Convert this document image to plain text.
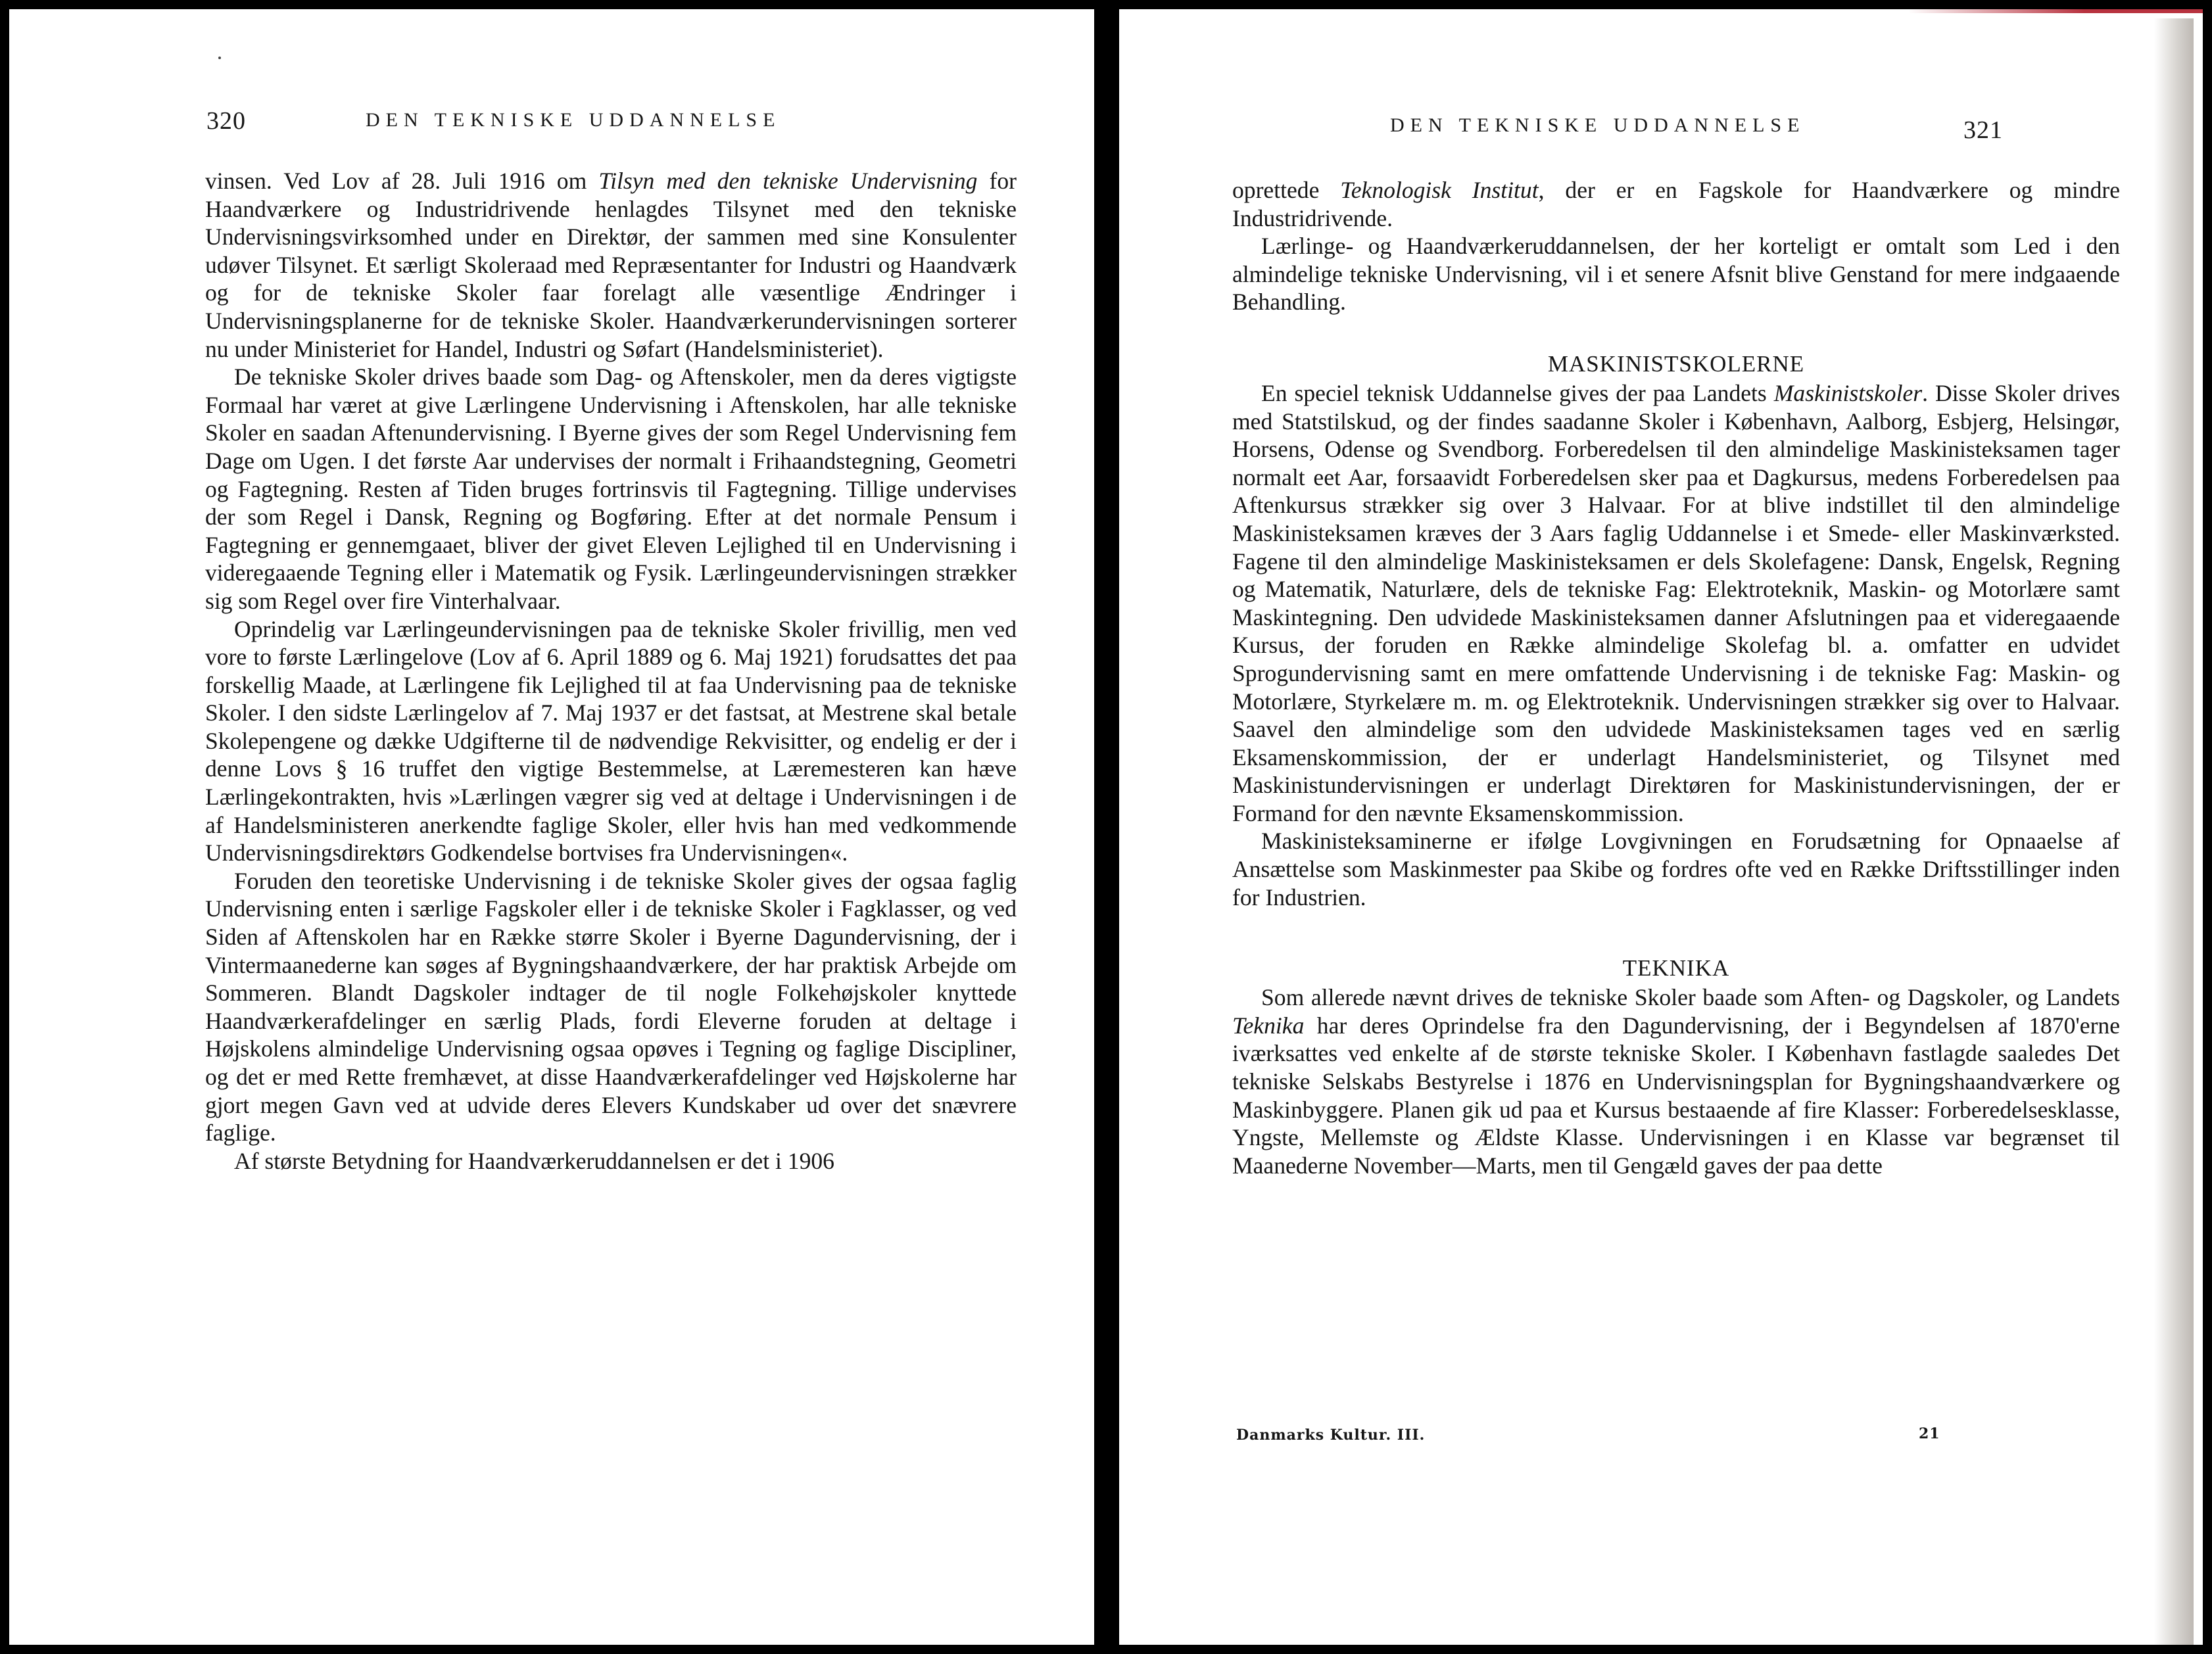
320	DEN TEKNISKE UDDANNELSE

vinsen. Ved Lov af 28. Juli 1916 om Tilsyn med den tekniske Undervisning for Haandværkere og Industridrivende henlagdes Tilsynet med den tekniske Undervisningsvirksomhed under en Direktør, der sammen med sine Konsulenter udøver Tilsynet. Et særligt Skoleraad med Repræsentanter for Industri og Haandværk og for de tekniske Skoler faar forelagt alle væsentlige Ændringer i Undervisningsplanerne for de tekniske Skoler. Haandværkerundervisningen sorterer nu under Ministeriet for Handel, Industri og Søfart (Handelsministeriet).

De tekniske Skoler drives baade som Dag- og Aftenskoler, men da deres vigtigste Formaal har været at give Lærlingene Undervisning i Aftenskolen, har alle tekniske Skoler en saadan Aftenundervisning. I Byerne gives der som Regel Undervisning fem Dage om Ugen. I det første Aar undervises der normalt i Frihaandstegning, Geometri og Fagtegning. Resten af Tiden bruges fortrinsvis til Fagtegning. Tillige undervises der som Regel i Dansk, Regning og Bogføring. Efter at det normale Pensum i Fagtegning er gennemgaaet, bliver der givet Eleven Lejlighed til en Undervisning i videregaaende Tegning eller i Matematik og Fysik. Lærlingeundervisningen strækker sig som Regel over fire Vinterhalvaar.

Oprindelig var Lærlingeundervisningen paa de tekniske Skoler frivillig, men ved vore to første Lærlingelove (Lov af 6. April 1889 og 6. Maj 1921) forudsattes det paa forskellig Maade, at Lærlingene fik Lejlighed til at faa Undervisning paa de tekniske Skoler. I den sidste Lærlingelov af 7. Maj 1937 er det fastsat, at Mestrene skal betale Skolepengene og dække Udgifterne til de nødvendige Rekvisitter, og endelig er der i denne Lovs § 16 truffet den vigtige Bestemmelse, at Læremesteren kan hæve Lærlingekontrakten, hvis »Lærlingen vægrer sig ved at deltage i Undervisningen i de af Handelsministeren anerkendte faglige Skoler, eller hvis han med vedkommende Undervisningsdirektørs Godkendelse bortvises fra Undervisningen«.

Foruden den teoretiske Undervisning i de tekniske Skoler gives der ogsaa faglig Undervisning enten i særlige Fagskoler eller i de tekniske Skoler i Fagklasser, og ved Siden af Aftenskolen har en Række større Skoler i Byerne Dagundervisning, der i Vintermaanederne kan søges af Bygningshaandværkere, der har praktisk Arbejde om Sommeren. Blandt Dagskoler indtager de til nogle Folkehøjskoler knyttede Haandværkerafdelinger en særlig Plads, fordi Eleverne foruden at deltage i Højskolens almindelige Undervisning ogsaa opøves i Tegning og faglige Discipliner, og det er med Rette fremhævet, at disse Haandværkerafdelinger ved Højskolerne har gjort megen Gavn ved at udvide deres Elevers Kundskaber ud over det snævrere faglige.

Af største Betydning for Haandværkeruddannelsen er det i 1906

DEN TEKNISKE UDDANNELSE	321

oprettede Teknologisk Institut, der er en Fagskole for Haandværkere og mindre Industridrivende.

Lærlinge- og Haandværkeruddannelsen, der her korteligt er omtalt som Led i den almindelige tekniske Undervisning, vil i et senere Afsnit blive Genstand for mere indgaaende Behandling.

MASKINISTSKOLERNE

En speciel teknisk Uddannelse gives der paa Landets Maskinistskoler. Disse Skoler drives med Statstilskud, og der findes saadanne Skoler i København, Aalborg, Esbjerg, Helsingør, Horsens, Odense og Svendborg. Forberedelsen til den almindelige Maskinisteksamen tager normalt eet Aar, forsaavidt Forberedelsen sker paa et Dagkursus, medens Forberedelsen paa Aftenkursus strækker sig over 3 Halvaar. For at blive indstillet til den almindelige Maskinisteksamen kræves der 3 Aars faglig Uddannelse i et Smede- eller Maskinværksted. Fagene til den almindelige Maskinisteksamen er dels Skolefagene: Dansk, Engelsk, Regning og Matematik, Naturlære, dels de tekniske Fag: Elektroteknik, Maskin- og Motorlære samt Maskintegning. Den udvidede Maskinisteksamen danner Afslutningen paa et videregaaende Kursus, der foruden en Række almindelige Skolefag bl. a. omfatter en udvidet Sprogundervisning samt en mere omfattende Undervisning i de tekniske Fag: Maskin- og Motorlære, Styrkelære m. m. og Elektroteknik. Undervisningen strækker sig over to Halvaar. Saavel den almindelige som den udvidede Maskinisteksamen tages ved en særlig Eksamenskommission, der er underlagt Handelsministeriet, og Tilsynet med Maskinistundervisningen er underlagt Direktøren for Maskinistundervisningen, der er Formand for den nævnte Eksamenskommission.

Maskinisteksaminerne er ifølge Lovgivningen en Forudsætning for Opnaaelse af Ansættelse som Maskinmester paa Skibe og fordres ofte ved en Række Driftsstillinger inden for Industrien.

TEKNIKA

Som allerede nævnt drives de tekniske Skoler baade som Aften- og Dagskoler, og Landets Teknika har deres Oprindelse fra den Dagundervisning, der i Begyndelsen af 1870'erne iværksattes ved enkelte af de største tekniske Skoler. I København fastlagde saaledes Det tekniske Selskabs Bestyrelse i 1876 en Undervisningsplan for Bygningshaandværkere og Maskinbyggere. Planen gik ud paa et Kursus bestaaende af fire Klasser: Forberedelsesklasse, Yngste, Mellemste og Ældste Klasse. Undervisningen i en Klasse var begrænset til Maanederne November—Marts, men til Gengæld gaves der paa dette

Danmarks Kultur. III.	21
